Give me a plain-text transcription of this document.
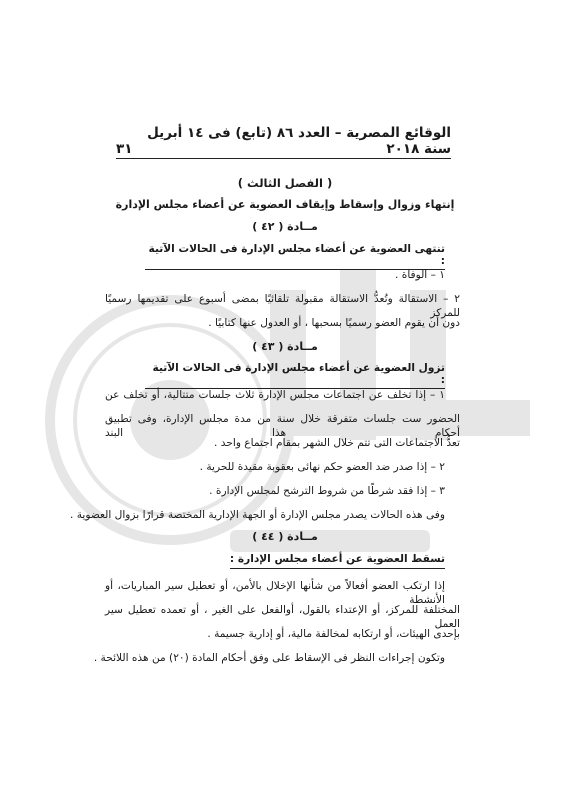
الوقائع المصرية – العدد ٨٦ (تابع) فى ١٤ أبريل سنة ٢٠١٨
٣١
( الفصل الثالث )
إنتهاء وزوال وإسقاط وإيقاف العضوية عن أعضاء مجلس الإدارة
مــادة ( ٤٢ )
تنتهى العضوية عن أعضاء مجلس الإدارة فى الحالات الآتية :
١ – الوفاة .
٢ – الاستقالة وتُعدُّ الاستقالة مقبولة تلقائيًا بمضى أسبوع على تقديمها رسميًا للمركز
دون أن يقوم العضو رسميًا بسحبها ، أو العدول عنها كتابيًا .
مــادة ( ٤٣ )
تزول العضوية عن أعضاء مجلس الإدارة فى الحالات الآتية :
١ – إذا تخلف عن اجتماعات مجلس الإدارة ثلاث جلسات متتالية، أو تخلف عن
الحضور ست جلسات متفرقة خلال سنة من مدة مجلس الإدارة، وفى تطبيق أحكام هذا البند
تعدُّ الاجتماعات التى تتم خلال الشهر بمقام اجتماع واحد .
٢ – إذا صدر ضد العضو حكم نهائى بعقوبة مقيدة للحرية .
٣ – إذا فقد شرطًا من شروط الترشح لمجلس الإدارة .
وفى هذه الحالات يصدر مجلس الإدارة أو الجهة الإدارية المختصة قرارًا بزوال العضوية .
مــادة ( ٤٤ )
تسقط العضوية عن أعضاء مجلس الإدارة :
إذا ارتكب العضو أفعالاً من شأنها الإخلال بالأمن، أو تعطيل سير المباريات، أو الأنشطة
المختلفة للمركز، أو الإعتداء بالقول، أوالفعل على الغير ، أو تعمده تعطيل سير العمل
بإحدى الهيئات، أو ارتكابه لمخالفة مالية، أو إدارية جسيمة .
وتكون إجراءات النظر فى الإسقاط على وفق أحكام المادة (٢٠) من هذه اللائحة .
